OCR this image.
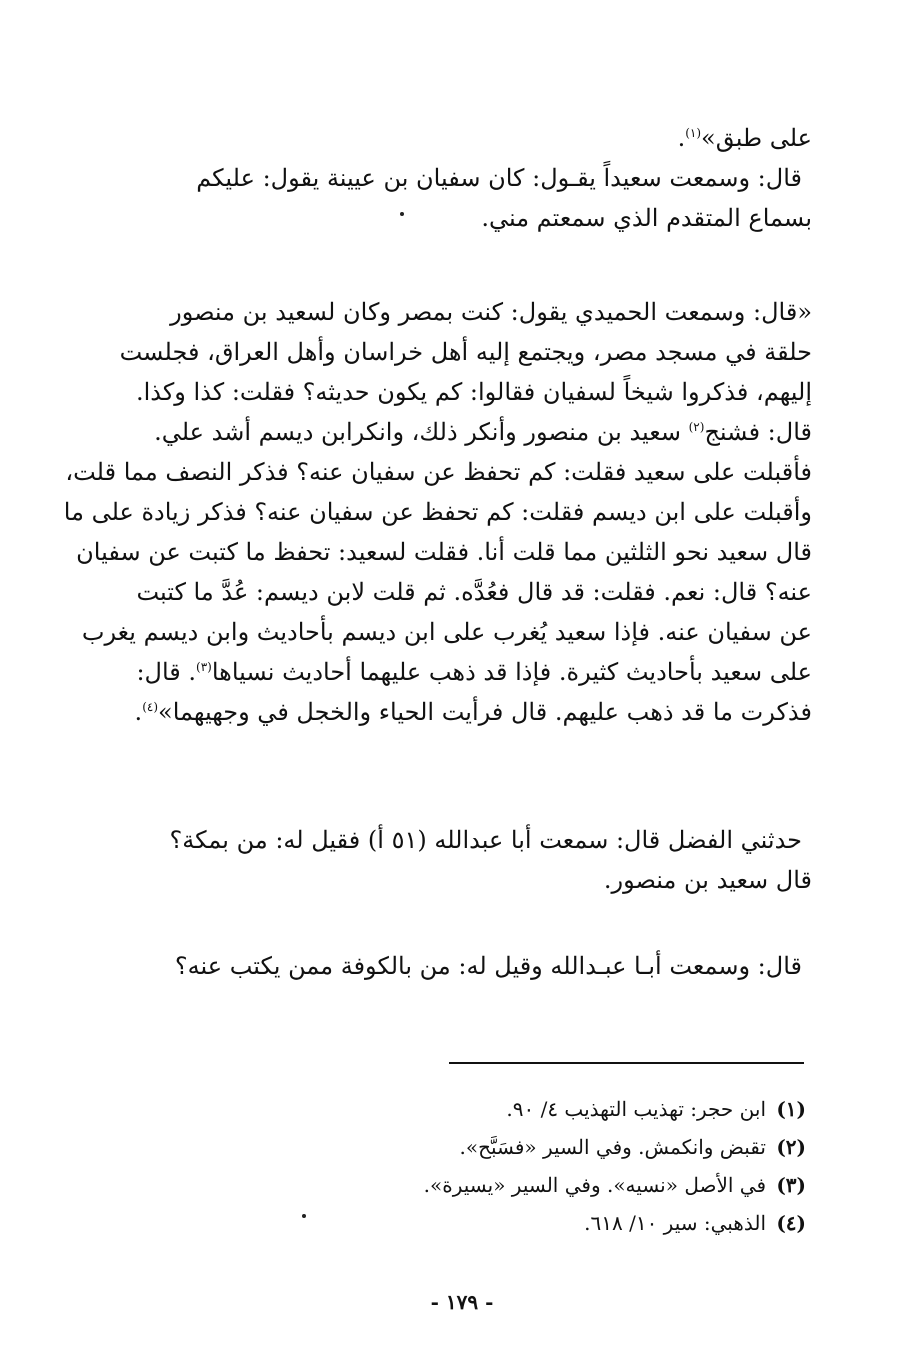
على طبق»$^{(١)}$.
قال: وسمعت سعيداً يقـول: كان سفيان بن عيينة يقول: عليكم
بسماع المتقدم الذي سمعتم مني.
«قال: وسمعت الحميدي يقول: كنت بمصر وكان لسعيد بن منصور
حلقة في مسجد مصر، ويجتمع إليه أهل خراسان وأهل العراق، فجلست
إليهم، فذكروا شيخاً لسفيان فقالوا: كم يكون حديثه؟ فقلت: كذا وكذا.
قال: فشنج$^{(٢)}$ سعيد بن منصور وأنكر ذلك، وانكرابن ديسم أشد علي.
فأقبلت على سعيد فقلت: كم تحفظ عن سفيان عنه؟ فذكر النصف مما قلت،
وأقبلت على ابن ديسم فقلت: كم تحفظ عن سفيان عنه؟ فذكر زيادة على ما
قال سعيد نحو الثلثين مما قلت أنا. فقلت لسعيد: تحفظ ما كتبت عن سفيان
عنه؟ قال: نعم. فقلت: قد قال فعُدَّه. ثم قلت لابن ديسم: عُدَّ ما كتبت
عن سفيان عنه. فإذا سعيد يُغرب على ابن ديسم بأحاديث وابن ديسم يغرب
على سعيد بأحاديث كثيرة. فإذا قد ذهب عليهما أحاديث نسياها$^{(٣)}$. قال:
فذكرت ما قد ذهب عليهم. قال فرأيت الحياء والخجل في وجهيهما»$^{(٤)}$.
حدثني الفضل قال: سمعت أبا عبدالله (٥١ أ) فقيل له: من بمكة؟
قال سعيد بن منصور.
قال: وسمعت أبـا عبـدالله وقيل له: من بالكوفة ممن يكتب عنه؟
(١)ابن حجر: تهذيب التهذيب ٤/ ٩٠.
(٢)تقبض وانكمش. وفي السير «فسَبَّح».
(٣)في الأصل «نسيه». وفي السير «يسيرة».
(٤)الذهبي: سير ١٠/ ٦١٨.
- ١٧٩ -
